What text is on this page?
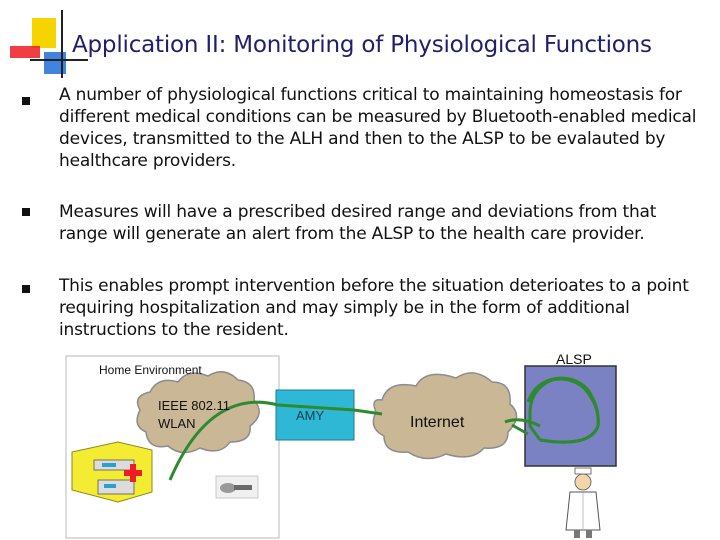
Application II: Monitoring of Physiological Functions
A number of physiological functions critical to maintaining homeostasis for different medical conditions can be measured by Bluetooth-enabled medical devices, transmitted to the ALH and then to the ALSP to be evalauted by healthcare providers.
Measures will have a prescribed desired range and deviations from that range will generate an alert from the ALSP to the health care provider.
This enables prompt intervention before the situation deterioates to a point requiring hospitalization and may simply be in the form of additional instructions to the resident.
Home Environment
IEEE 802.11
WLAN
AMY	Internet
ALSP
